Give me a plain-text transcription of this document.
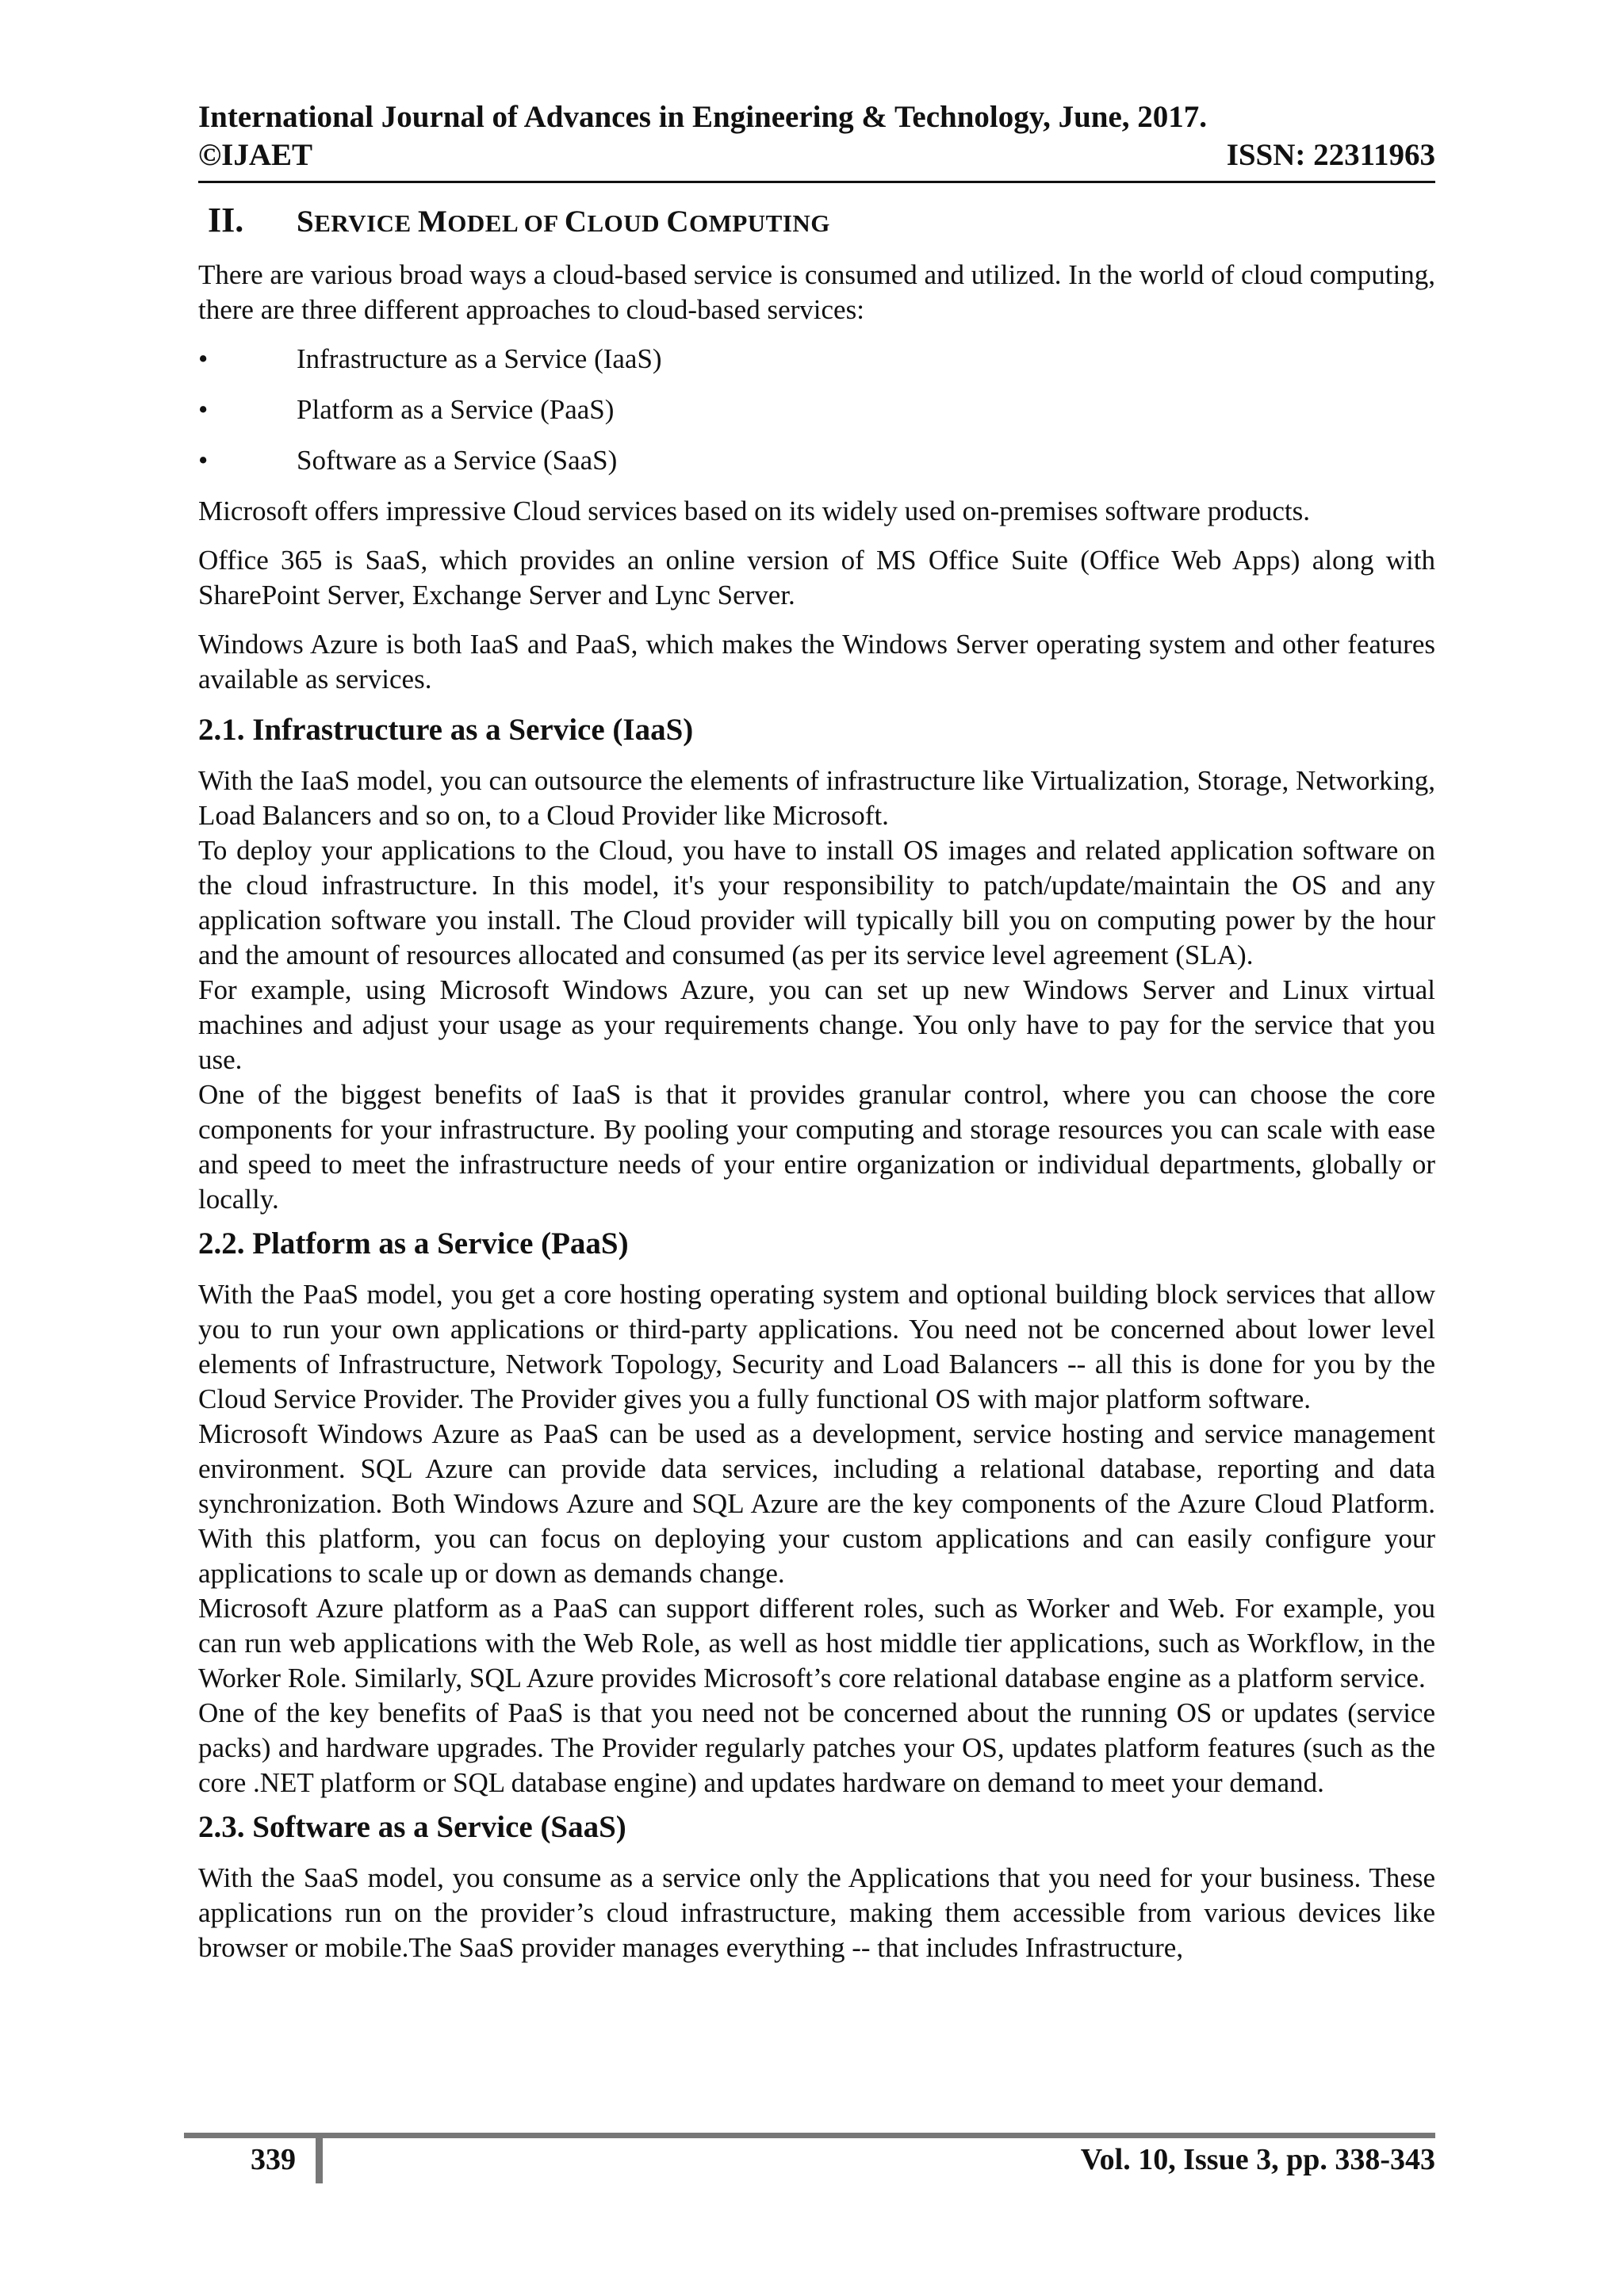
International Journal of Advances in Engineering & Technology, June, 2017.
©IJAET	ISSN: 22311963
II.	SERVICE MODEL OF CLOUD COMPUTING

There are various broad ways a cloud-based service is consumed and utilized. In the world of cloud computing, there are three different approaches to cloud-based services:

•	Infrastructure as a Service (IaaS)
•	Platform as a Service (PaaS)
•	Software as a Service (SaaS)

Microsoft offers impressive Cloud services based on its widely used on-premises software products.

Office 365 is SaaS, which provides an online version of MS Office Suite (Office Web Apps) along with SharePoint Server, Exchange Server and Lync Server.

Windows Azure is both IaaS and PaaS, which makes the Windows Server operating system and other features available as services.

2.1. Infrastructure as a Service (IaaS)

With the IaaS model, you can outsource the elements of infrastructure like Virtualization, Storage, Networking, Load Balancers and so on, to a Cloud Provider like Microsoft.

To deploy your applications to the Cloud, you have to install OS images and related application software on the cloud infrastructure. In this model, it's your responsibility to patch/update/maintain the OS and any application software you install. The Cloud provider will typically bill you on computing power by the hour and the amount of resources allocated and consumed (as per its service level agreement (SLA).

For example, using Microsoft Windows Azure, you can set up new Windows Server and Linux virtual machines and adjust your usage as your requirements change. You only have to pay for the service that you use.

One of the biggest benefits of IaaS is that it provides granular control, where you can choose the core components for your infrastructure. By pooling your computing and storage resources you can scale with ease and speed to meet the infrastructure needs of your entire organization or individual departments, globally or locally.

2.2. Platform as a Service (PaaS)

With the PaaS model, you get a core hosting operating system and optional building block services that allow you to run your own applications or third-party applications. You need not be concerned about lower level elements of Infrastructure, Network Topology, Security and Load Balancers -- all this is done for you by the Cloud Service Provider. The Provider gives you a fully functional OS with major platform software.

Microsoft Windows Azure as PaaS can be used as a development, service hosting and service management environment. SQL Azure can provide data services, including a relational database, reporting and data synchronization. Both Windows Azure and SQL Azure are the key components of the Azure Cloud Platform. With this platform, you can focus on deploying your custom applications and can easily configure your applications to scale up or down as demands change.

Microsoft Azure platform as a PaaS can support different roles, such as Worker and Web. For example, you can run web applications with the Web Role, as well as host middle tier applications, such as Workflow, in the Worker Role. Similarly, SQL Azure provides Microsoft’s core relational database engine as a platform service.

One of the key benefits of PaaS is that you need not be concerned about the running OS or updates (service packs) and hardware upgrades. The Provider regularly patches your OS, updates platform features (such as the core .NET platform or SQL database engine) and updates hardware on demand to meet your demand.

2.3. Software as a Service (SaaS)

With the SaaS model, you consume as a service only the Applications that you need for your business. These applications run on the provider’s cloud infrastructure, making them accessible from various devices like browser or mobile.The SaaS provider manages everything -- that includes Infrastructure,

339	Vol. 10, Issue 3, pp. 338-343
